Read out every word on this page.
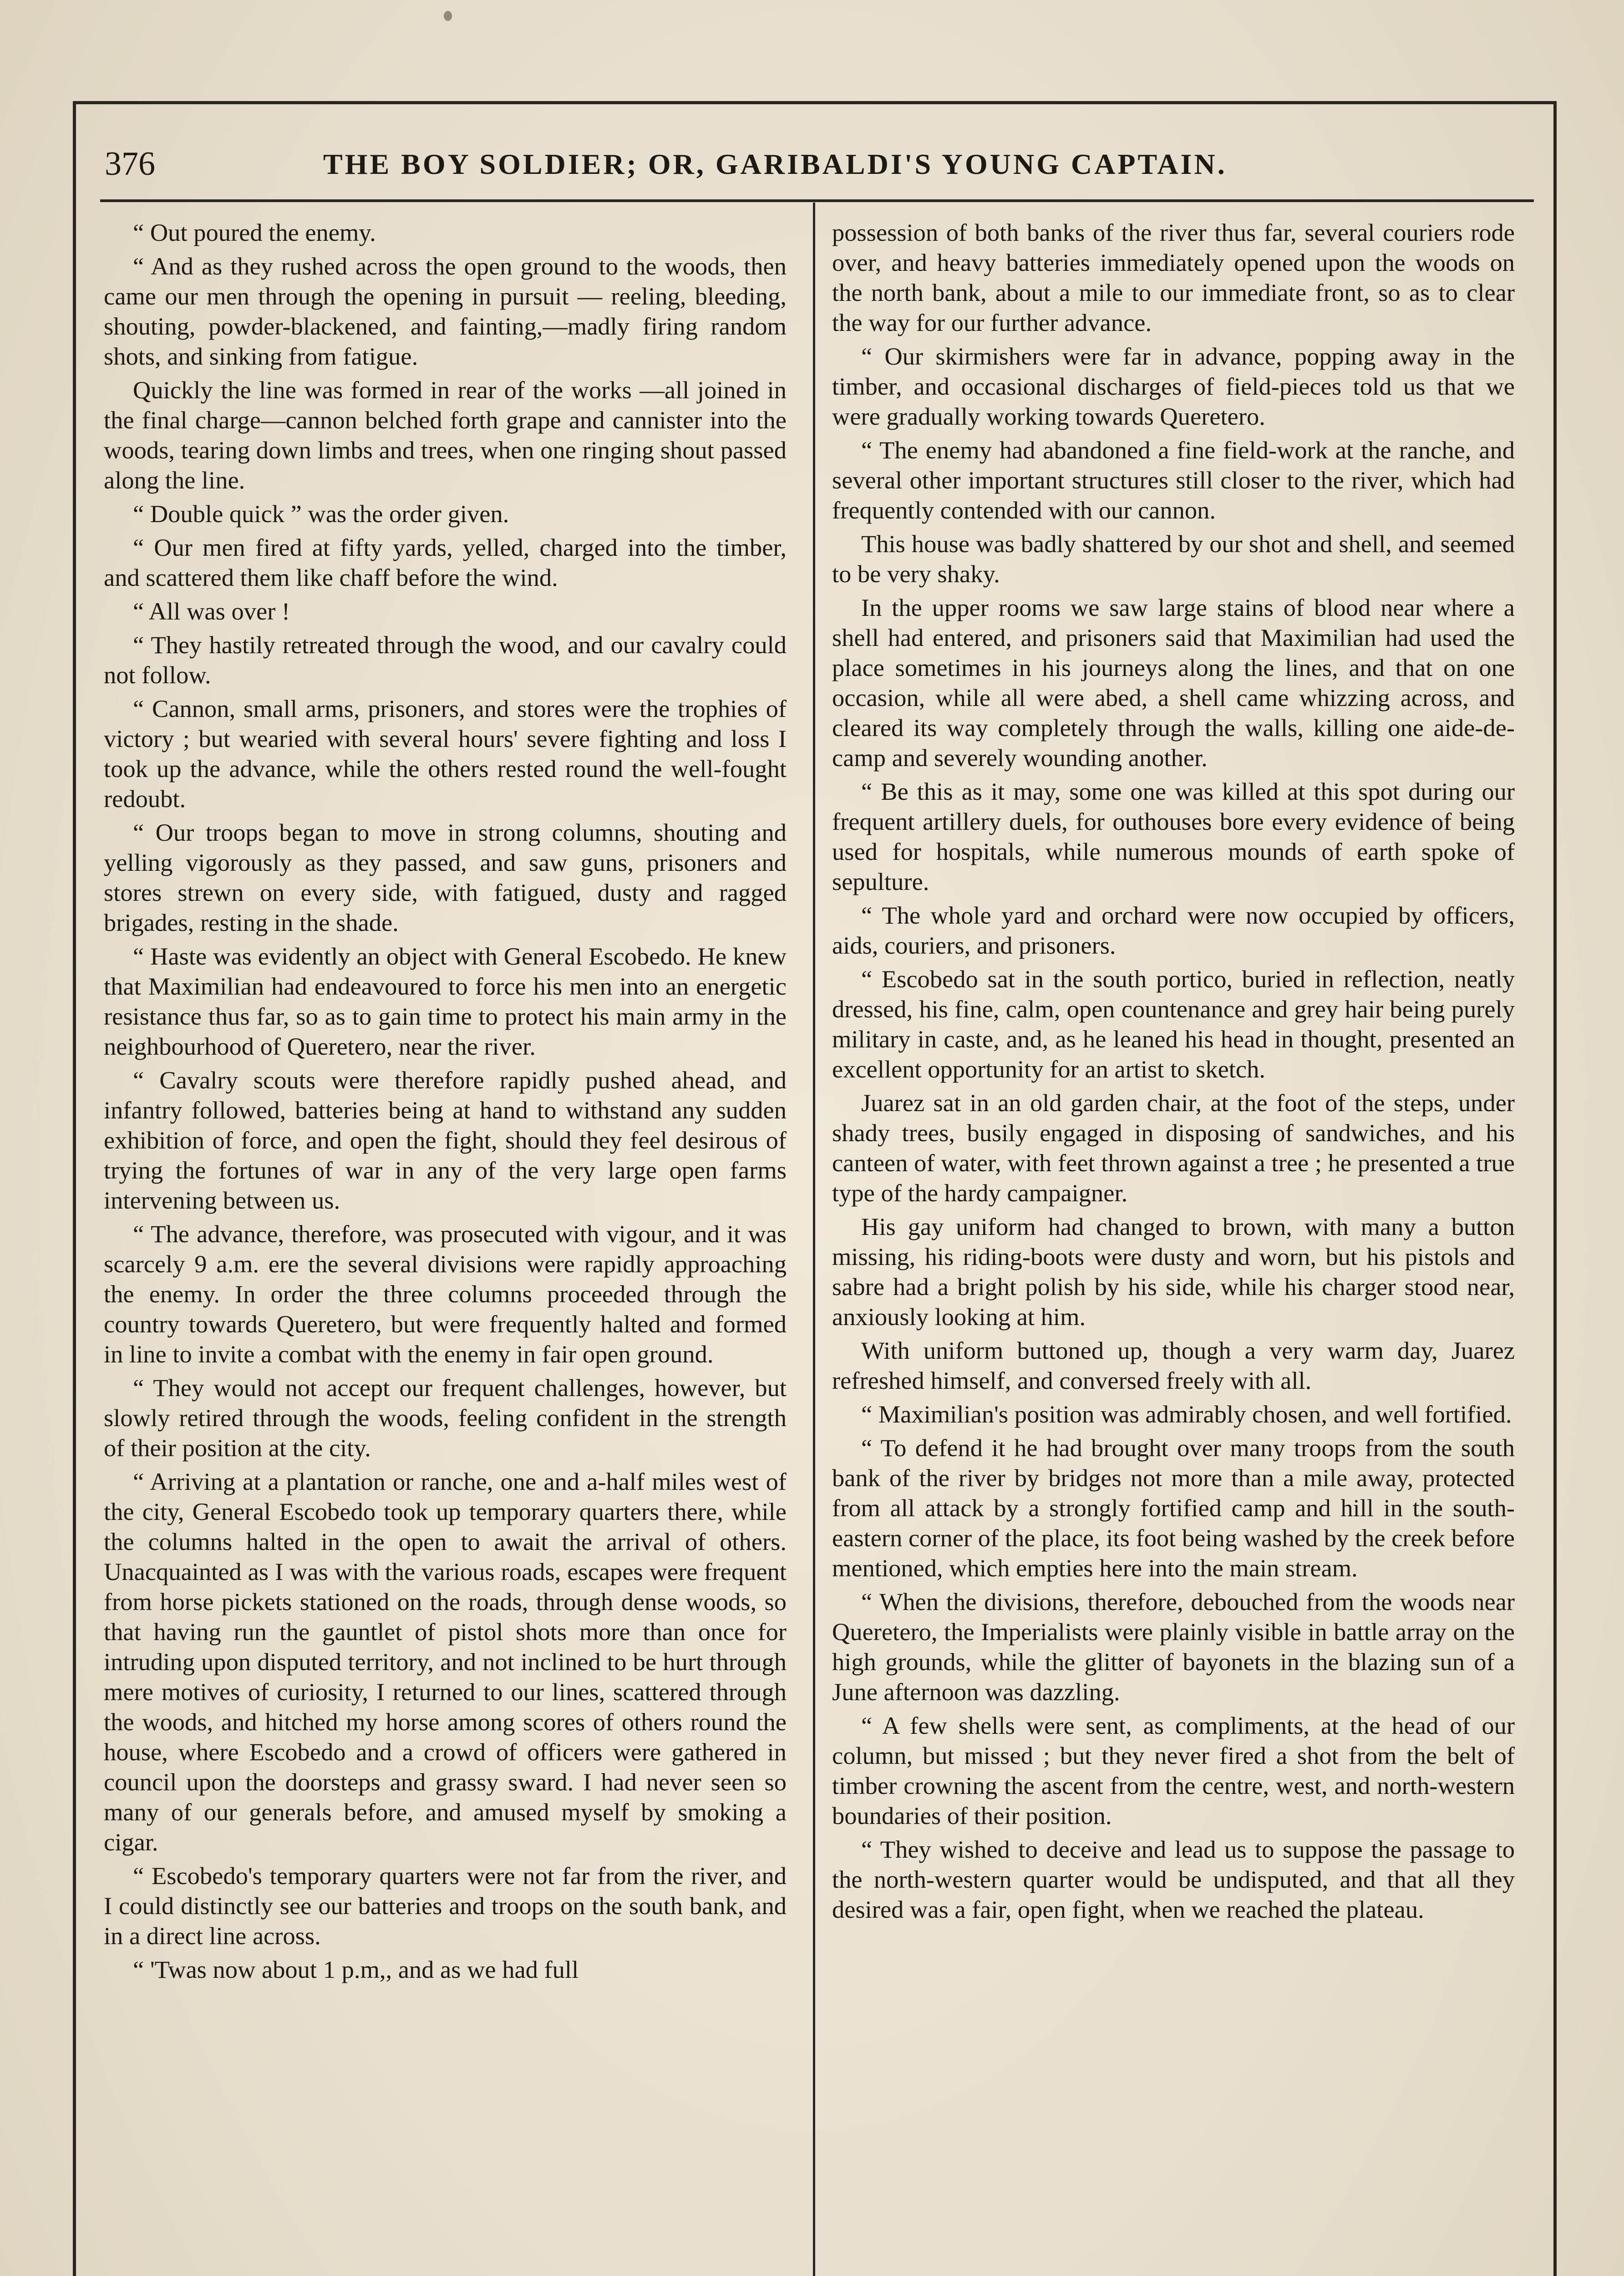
376	THE BOY SOLDIER; OR, GARIBALDI'S YOUNG CAPTAIN.

“ Out poured the enemy.

“ And as they rushed across the open ground to the woods, then came our men through the opening in pursuit — reeling, bleeding, shouting, powder-blackened, and fainting,—madly firing random shots, and sinking from fatigue.

Quickly the line was formed in rear of the works —all joined in the final charge—cannon belched forth grape and cannister into the woods, tearing down limbs and trees, when one ringing shout passed along the line.

“ Double quick ” was the order given.

“ Our men fired at fifty yards, yelled, charged into the timber, and scattered them like chaff before the wind.

“ All was over !

“ They hastily retreated through the wood, and our cavalry could not follow.

“ Cannon, small arms, prisoners, and stores were the trophies of victory ; but wearied with several hours' severe fighting and loss I took up the advance, while the others rested round the well-fought redoubt.

“ Our troops began to move in strong columns, shouting and yelling vigorously as they passed, and saw guns, prisoners and stores strewn on every side, with fatigued, dusty and ragged brigades, resting in the shade.

“ Haste was evidently an object with General Escobedo. He knew that Maximilian had endeavoured to force his men into an energetic resistance thus far, so as to gain time to protect his main army in the neighbourhood of Queretero, near the river.

“ Cavalry scouts were therefore rapidly pushed ahead, and infantry followed, batteries being at hand to withstand any sudden exhibition of force, and open the fight, should they feel desirous of trying the fortunes of war in any of the very large open farms intervening between us.

“ The advance, therefore, was prosecuted with vigour, and it was scarcely 9 a.m. ere the several divisions were rapidly approaching the enemy. In order the three columns proceeded through the country towards Queretero, but were frequently halted and formed in line to invite a combat with the enemy in fair open ground.

“ They would not accept our frequent challenges, however, but slowly retired through the woods, feeling confident in the strength of their position at the city.

“ Arriving at a plantation or ranche, one and a-half miles west of the city, General Escobedo took up temporary quarters there, while the columns halted in the open to await the arrival of others. Unacquainted as I was with the various roads, escapes were frequent from horse pickets stationed on the roads, through dense woods, so that having run the gauntlet of pistol shots more than once for intruding upon disputed territory, and not inclined to be hurt through mere motives of curiosity, I returned to our lines, scattered through the woods, and hitched my horse among scores of others round the house, where Escobedo and a crowd of officers were gathered in council upon the doorsteps and grassy sward. I had never seen so many of our generals before, and amused myself by smoking a cigar.

“ Escobedo's temporary quarters were not far from the river, and I could distinctly see our batteries and troops on the south bank, and in a direct line across.

“ 'Twas now about 1 p.m,, and as we had full

possession of both banks of the river thus far, several couriers rode over, and heavy batteries immediately opened upon the woods on the north bank, about a mile to our immediate front, so as to clear the way for our further advance.

“ Our skirmishers were far in advance, popping away in the timber, and occasional discharges of field-pieces told us that we were gradually working towards Queretero.

“ The enemy had abandoned a fine field-work at the ranche, and several other important structures still closer to the river, which had frequently contended with our cannon.

This house was badly shattered by our shot and shell, and seemed to be very shaky.

In the upper rooms we saw large stains of blood near where a shell had entered, and prisoners said that Maximilian had used the place sometimes in his journeys along the lines, and that on one occasion, while all were abed, a shell came whizzing across, and cleared its way completely through the walls, killing one aide-de-camp and severely wounding another.

“ Be this as it may, some one was killed at this spot during our frequent artillery duels, for outhouses bore every evidence of being used for hospitals, while numerous mounds of earth spoke of sepulture.

“ The whole yard and orchard were now occupied by officers, aids, couriers, and prisoners.

“ Escobedo sat in the south portico, buried in reflection, neatly dressed, his fine, calm, open countenance and grey hair being purely military in caste, and, as he leaned his head in thought, presented an excellent opportunity for an artist to sketch.

Juarez sat in an old garden chair, at the foot of the steps, under shady trees, busily engaged in disposing of sandwiches, and his canteen of water, with feet thrown against a tree ; he presented a true type of the hardy campaigner.

His gay uniform had changed to brown, with many a button missing, his riding-boots were dusty and worn, but his pistols and sabre had a bright polish by his side, while his charger stood near, anxiously looking at him.

With uniform buttoned up, though a very warm day, Juarez refreshed himself, and conversed freely with all.

“ Maximilian's position was admirably chosen, and well fortified.

“ To defend it he had brought over many troops from the south bank of the river by bridges not more than a mile away, protected from all attack by a strongly fortified camp and hill in the south-eastern corner of the place, its foot being washed by the creek before mentioned, which empties here into the main stream.

“ When the divisions, therefore, debouched from the woods near Queretero, the Imperialists were plainly visible in battle array on the high grounds, while the glitter of bayonets in the blazing sun of a June afternoon was dazzling.

“ A few shells were sent, as compliments, at the head of our column, but missed ; but they never fired a shot from the belt of timber crowning the ascent from the centre, west, and north-western boundaries of their position.

“ They wished to deceive and lead us to suppose the passage to the north-western quarter would be undisputed, and that all they desired was a fair, open fight, when we reached the plateau.
